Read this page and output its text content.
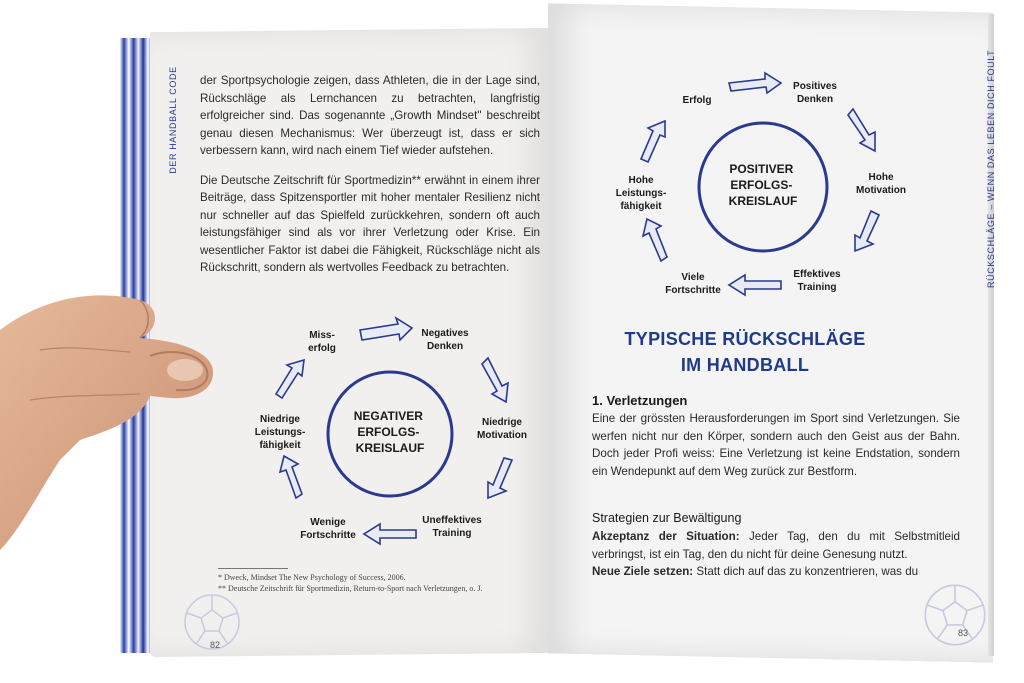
DER HANDBALL CODE	RÜCKSCHLÄGE – WENN DAS LEBEN DICH FOULT

der Sportpsychologie zeigen, dass Athleten, die in der Lage sind, Rückschläge als Lernchancen zu betrachten, langfristig erfolgreicher sind. Das sogenannte „Growth Mindset" beschreibt genau diesen Mechanismus: Wer überzeugt ist, dass er sich verbessern kann, wird nach einem Tief wieder aufstehen.

Die Deutsche Zeitschrift für Sportmedizin** erwähnt in einem ihrer Beiträge, dass Spitzensportler mit hoher mentaler Resilienz nicht nur schneller auf das Spielfeld zurückkehren, sondern oft auch leistungsfähiger sind als vor ihrer Verletzung oder Krise. Ein wesentlicher Faktor ist dabei die Fähigkeit, Rückschläge nicht als Rückschritt, sondern als wertvolles Feedback zu betrachten.

NEGATIVER ERFOLGS- KREISLAUF
Miss-erfolg
Negatives Denken
Niedrige Motivation
Uneffektives Training
Wenige Fortschritte
Niedrige Leistungs-fähigkeit
* Dweck, Mindset The New Psychology of Success, 2006.
** Deutsche Zeitschrift für Sportmedizin, Return-to-Sport nach Verletzungen, o. J.
82
POSITIVER ERFOLGS- KREISLAUF
Erfolg
Positives Denken
Hohe Motivation
Effektives Training
Viele Fortschritte
Hohe Leistungs-fähigkeit
TYPISCHE RÜCKSCHLÄGE
IM HANDBALL
1. Verletzungen
Eine der grössten Herausforderungen im Sport sind Verletzungen. Sie werfen nicht nur den Körper, sondern auch den Geist aus der Bahn. Doch jeder Profi weiss: Eine Verletzung ist keine Endstation, sondern ein Wendepunkt auf dem Weg zurück zur Bestform.
Strategien zur Bewältigung
Akzeptanz der Situation: Jeder Tag, den du mit Selbstmitleid verbringst, ist ein Tag, den du nicht für deine Genesung nutzt.
Neue Ziele setzen: Statt dich auf das zu konzentrieren, was du
83
